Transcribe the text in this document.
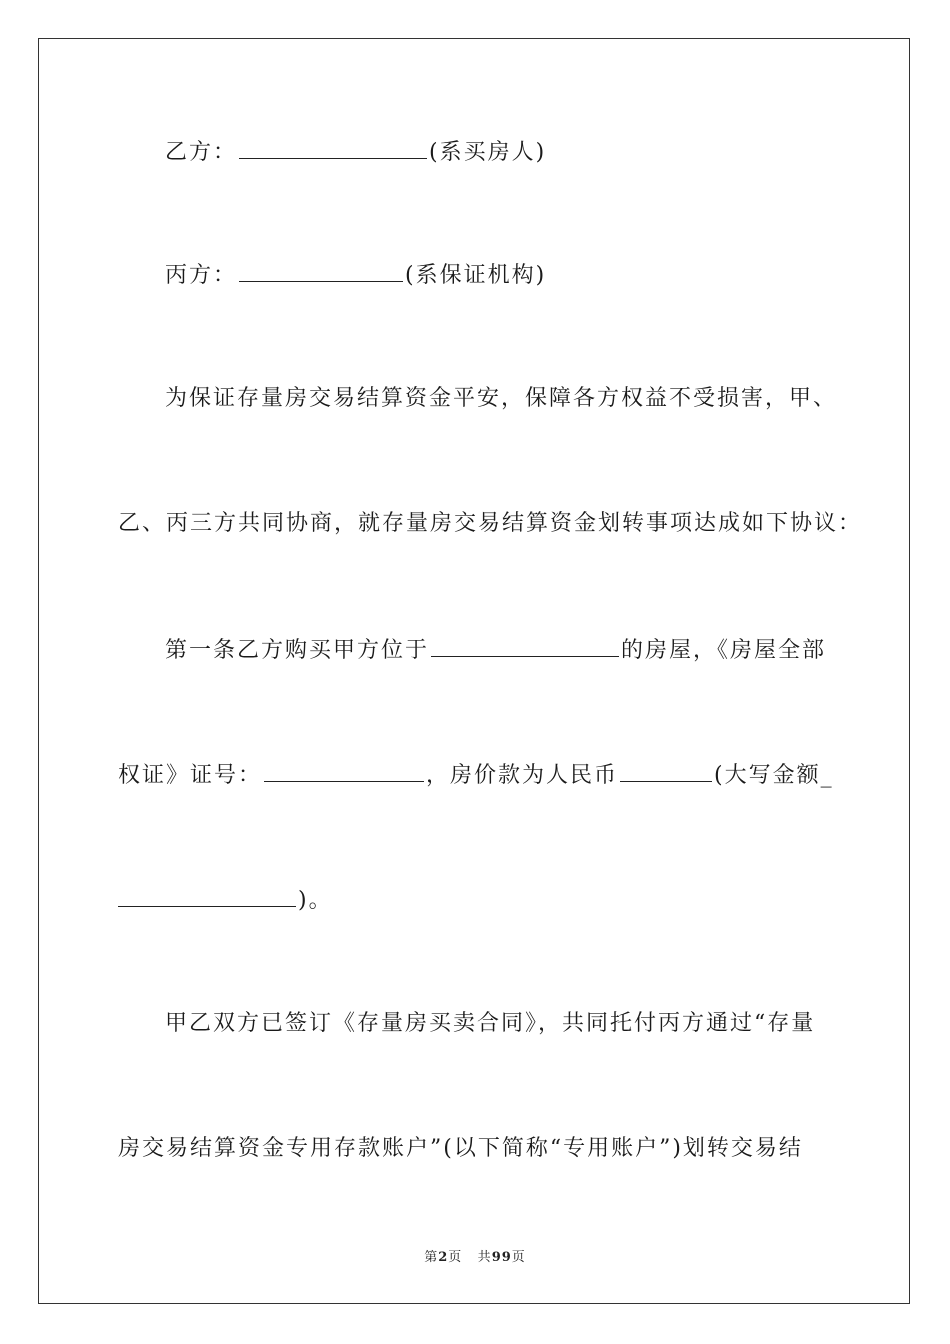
乙方：	(系买房人)
丙方：	(系保证机构)
为保证存量房交易结算资金平安，保障各方权益不受损害，甲、
乙、丙三方共同协商，就存量房交易结算资金划转事项达成如下协议：
第一条乙方购买甲方位于	的房屋，《房屋全部
权证》证号：	，房价款为人民币	(大写金额_
)。
甲乙双方已签订《存量房买卖合同》，共同托付丙方通过“存量
房交易结算资金专用存款账户”(以下简称“专用账户”)划转交易结
第2页 共99页
